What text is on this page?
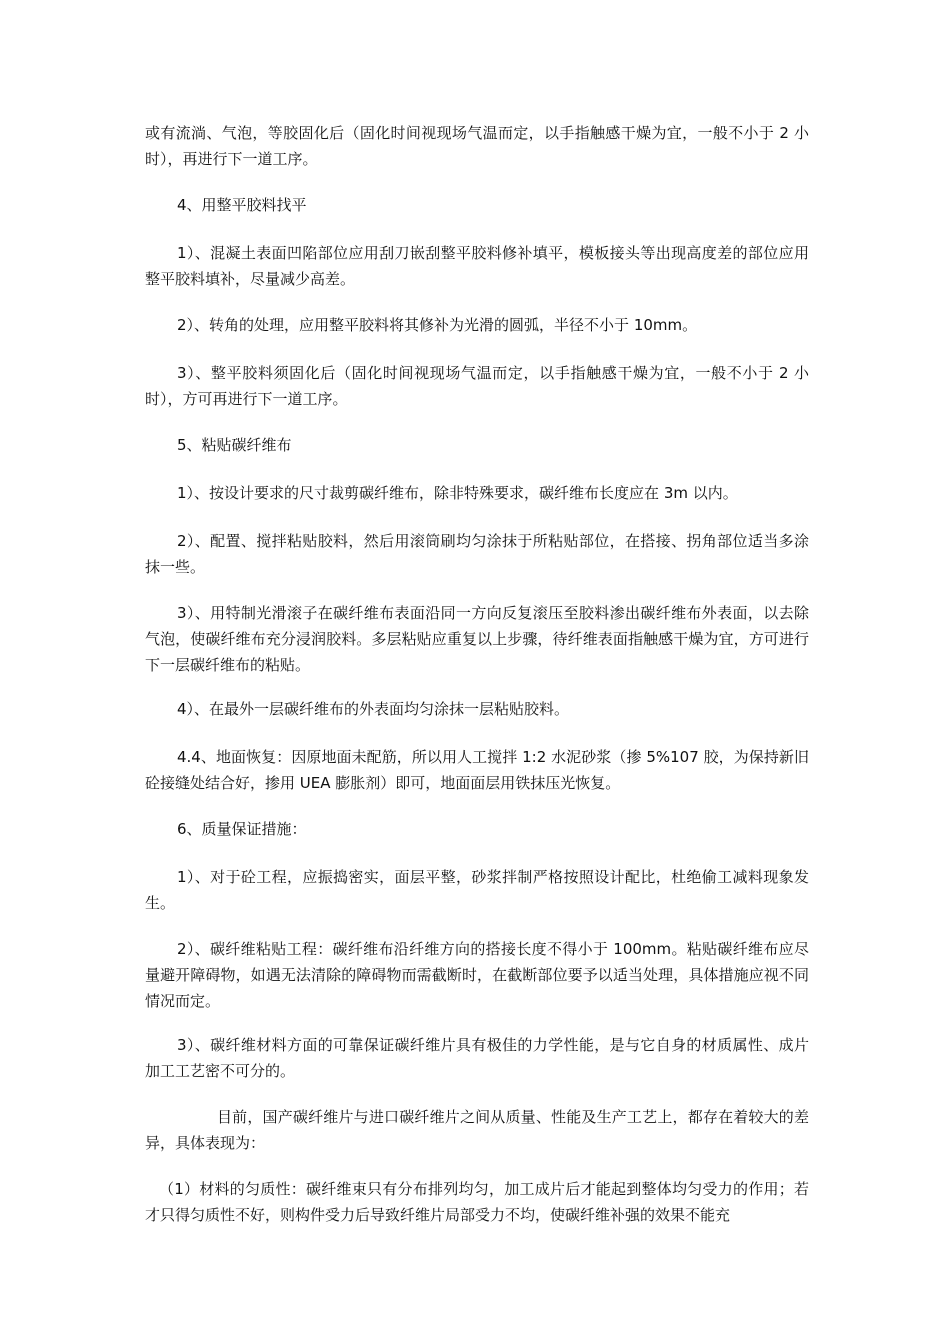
或有流淌、气泡，等胶固化后（固化时间视现场气温而定，以手指触感干燥为宜，一般不小于 2 小时），再进行下一道工序。

4、用整平胶料找平

1）、混凝土表面凹陷部位应用刮刀嵌刮整平胶料修补填平，模板接头等出现高度差的部位应用整平胶料填补，尽量减少高差。

2）、转角的处理，应用整平胶料将其修补为光滑的圆弧，半径不小于 10mm。

3）、整平胶料须固化后（固化时间视现场气温而定，以手指触感干燥为宜，一般不小于 2 小时），方可再进行下一道工序。

5、粘贴碳纤维布

1）、按设计要求的尺寸裁剪碳纤维布，除非特殊要求，碳纤维布长度应在 3m 以内。

2）、配置、搅拌粘贴胶料，然后用滚筒刷均匀涂抹于所粘贴部位，在搭接、拐角部位适当多涂抹一些。

3）、用特制光滑滚子在碳纤维布表面沿同一方向反复滚压至胶料渗出碳纤维布外表面，以去除气泡，使碳纤维布充分浸润胶料。多层粘贴应重复以上步骤，待纤维表面指触感干燥为宜，方可进行下一层碳纤维布的粘贴。

4）、在最外一层碳纤维布的外表面均匀涂抹一层粘贴胶料。

4.4、地面恢复：因原地面未配筋，所以用人工搅拌 1:2 水泥砂浆（掺 5%107 胶，为保持新旧砼接缝处结合好，掺用 UEA 膨胀剂）即可，地面面层用铁抹压光恢复。

6、质量保证措施：

1）、对于砼工程，应振捣密实，面层平整，砂浆拌制严格按照设计配比，杜绝偷工减料现象发生。

2）、碳纤维粘贴工程：碳纤维布沿纤维方向的搭接长度不得小于 100mm。粘贴碳纤维布应尽量避开障碍物，如遇无法清除的障碍物而需截断时，在截断部位要予以适当处理，具体措施应视不同情况而定。

3）、碳纤维材料方面的可靠保证碳纤维片具有极佳的力学性能，是与它自身的材质属性、成片加工工艺密不可分的。

目前，国产碳纤维片与进口碳纤维片之间从质量、性能及生产工艺上，都存在着较大的差异，具体表现为：

（1）材料的匀质性：碳纤维束只有分布排列均匀，加工成片后才能起到整体均匀受力的作用；若才只得匀质性不好，则构件受力后导致纤维片局部受力不均，使碳纤维补强的效果不能充
